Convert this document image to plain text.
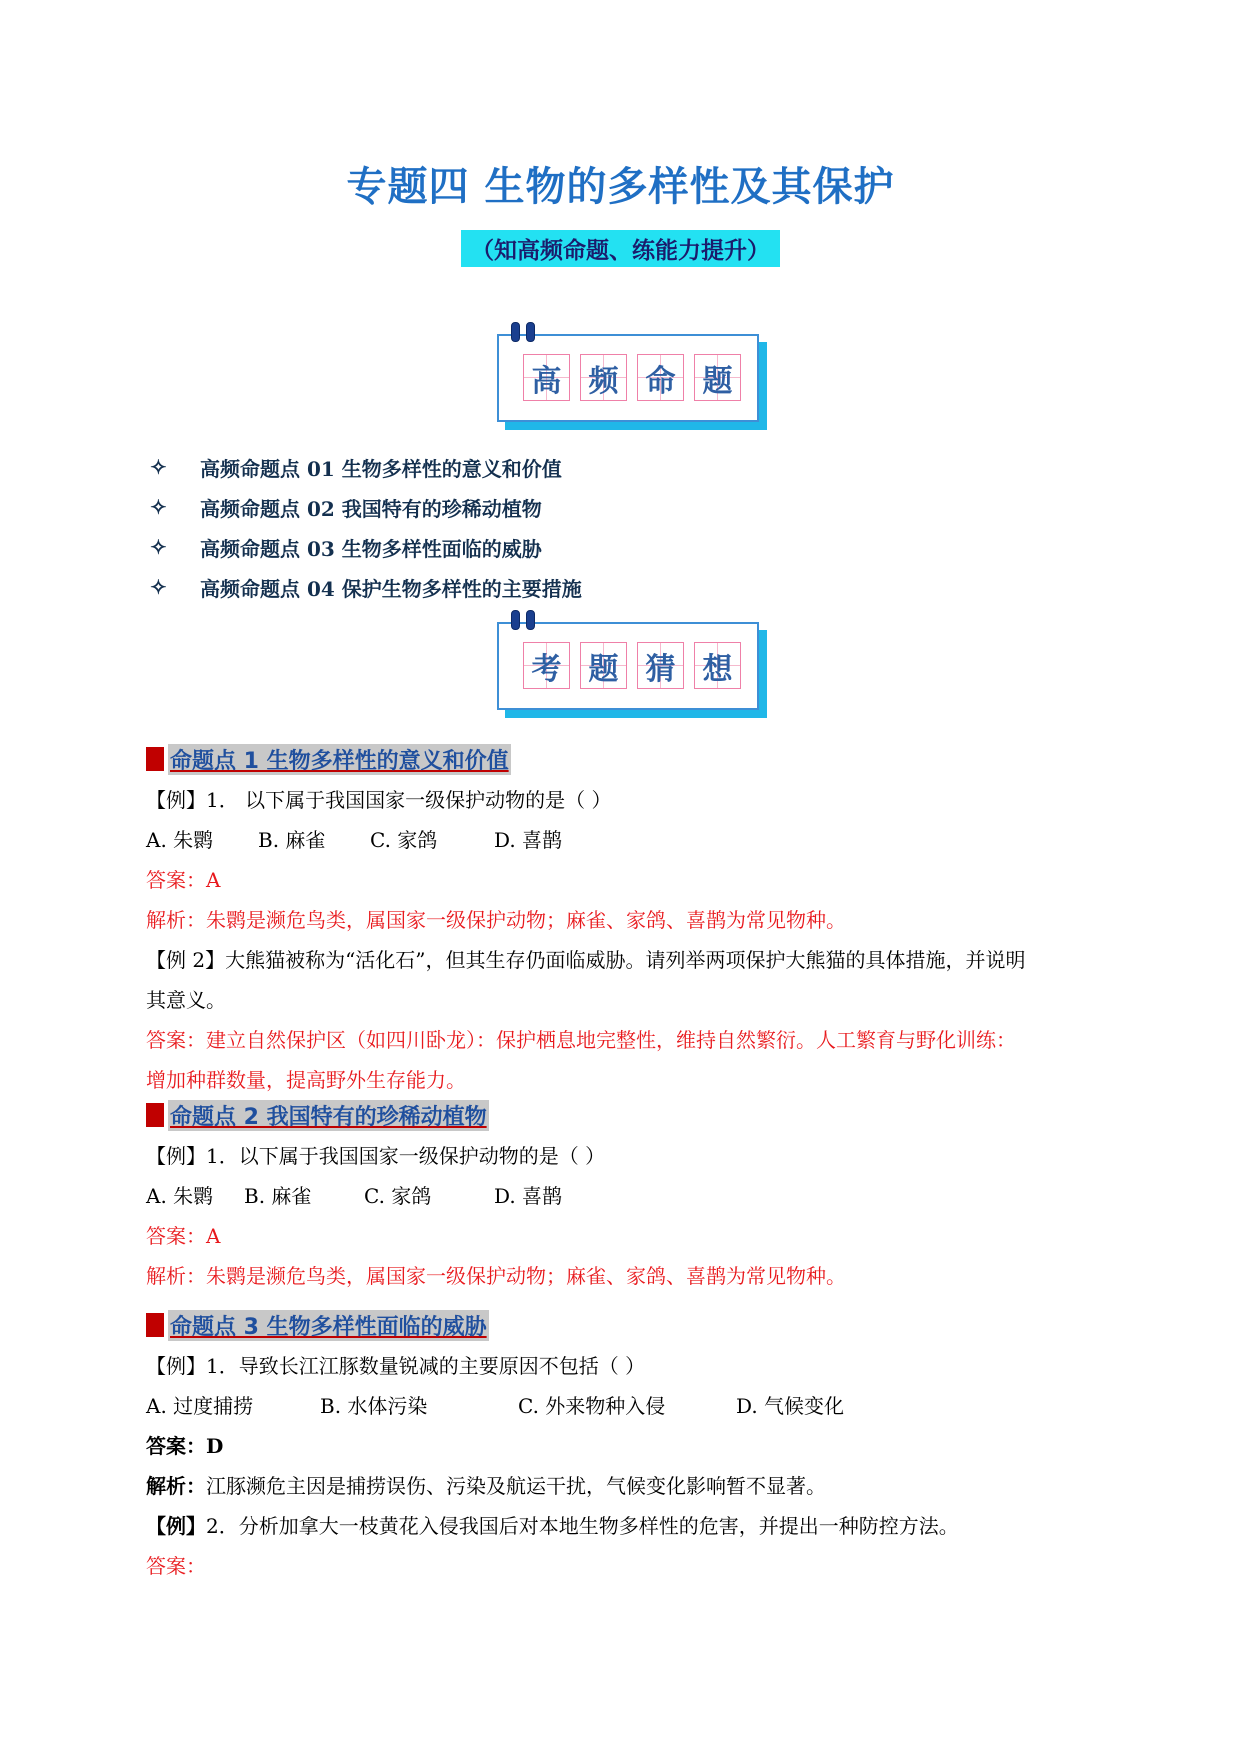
专题四 生物的多样性及其保护
（知高频命题、练能力提升）
高 频 命 题
✧	高频命题点 01 生物多样性的意义和价值
✧	高频命题点 02 我国特有的珍稀动植物
✧	高频命题点 03 生物多样性面临的威胁
✧	高频命题点 04 保护生物多样性的主要措施
考 题 猜 想
命题点 1 生物多样性的意义和价值
【例】1． 以下属于我国国家一级保护动物的是（ ）
A. 朱鹮	B. 麻雀	C. 家鸽	D. 喜鹊
答案：A
解析：朱鹮是濒危鸟类，属国家一级保护动物；麻雀、家鸽、喜鹊为常见物种。
【例 2】大熊猫被称为“活化石”，但其生存仍面临威胁。请列举两项保护大熊猫的具体措施，并说明
其意义。
答案：建立自然保护区（如四川卧龙）：保护栖息地完整性，维持自然繁衍。人工繁育与野化训练：
增加种群数量，提高野外生存能力。
命题点 2 我国特有的珍稀动植物
【例】1．以下属于我国国家一级保护动物的是（ ）
A. 朱鹮	B. 麻雀	C. 家鸽	D. 喜鹊
答案：A
解析：朱鹮是濒危鸟类，属国家一级保护动物；麻雀、家鸽、喜鹊为常见物种。
命题点 3 生物多样性面临的威胁
【例】1．导致长江江豚数量锐减的主要原因不包括（ ）
A. 过度捕捞	B. 水体污染	C. 外来物种入侵	D. 气候变化
答案：D
解析：江豚濒危主因是捕捞误伤、污染及航运干扰，气候变化影响暂不显著。
【例】2．分析加拿大一枝黄花入侵我国后对本地生物多样性的危害，并提出一种防控方法。
答案：
